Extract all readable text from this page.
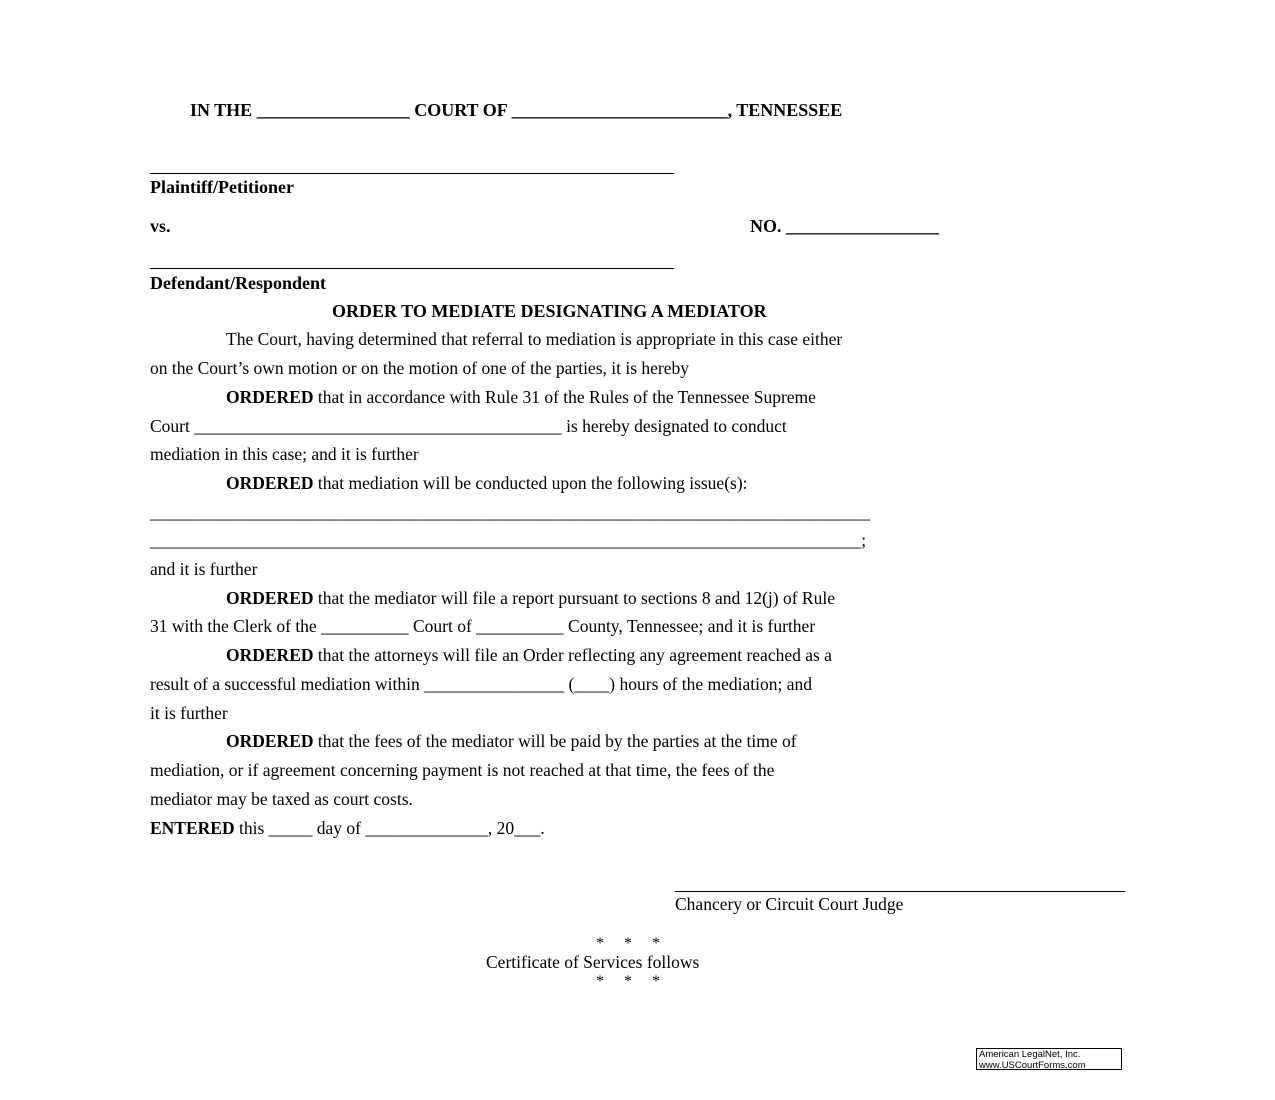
IN THE _________________ COURT OF ________________________, TENNESSEE
Plaintiff/Petitioner
vs.	NO. _________________
Defendant/Respondent
ORDER TO MEDIATE DESIGNATING A MEDIATOR
The Court, having determined that referral to mediation is appropriate in this case either
on the Court’s own motion or on the motion of one of the parties, it is hereby
ORDERED that in accordance with Rule 31 of the Rules of the Tennessee Supreme
Court __________________________________________ is hereby designated to conduct
mediation in this case; and it is further
ORDERED that mediation will be conducted upon the following issue(s):
_________________________________________________________________________________
________________________________________________________________________________;
and it is further
ORDERED that the mediator will file a report pursuant to sections 8 and 12(j) of Rule
31 with the Clerk of the __________ Court of __________ County, Tennessee; and it is further
ORDERED that the attorneys will file an Order reflecting any agreement reached as a
result of a successful mediation within ________________ (____) hours of the mediation; and
it is further
ORDERED that the fees of the mediator will be paid by the parties at the time of
mediation, or if agreement concerning payment is not reached at that time, the fees of the
mediator may be taxed as court costs.
ENTERED this _____ day of ______________, 20___.
Chancery or Circuit Court Judge
*     *     *
Certificate of Services follows
*     *     *
American LegalNet, Inc.
www.USCourtForms.com
